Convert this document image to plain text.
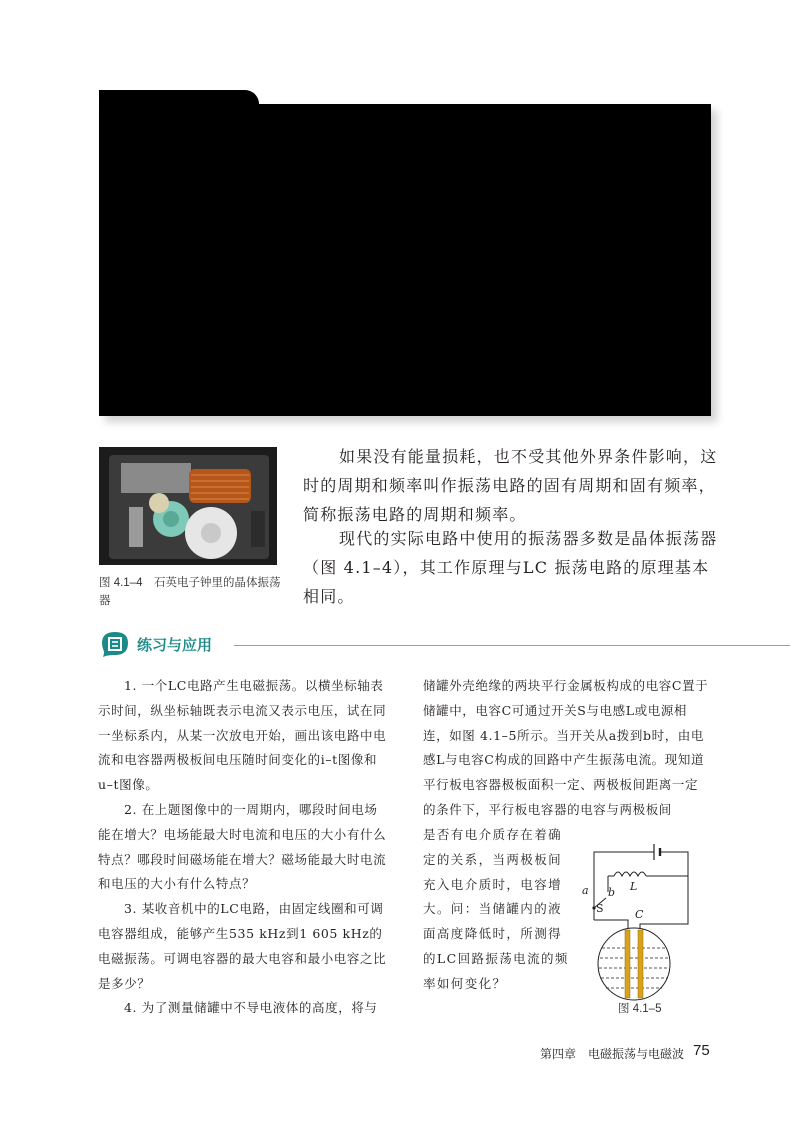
图 4.1–4　石英电子钟里的晶体振荡器
如果没有能量损耗，也不受其他外界条件影响，这时的周期和频率叫作振荡电路的固有周期和固有频率，简称振荡电路的周期和频率。
现代的实际电路中使用的振荡器多数是晶体振荡器（图 4.1–4），其工作原理与LC 振荡电路的原理基本相同。
练习与应用

1. 一个LC电路产生电磁振荡。以横坐标轴表示时间，纵坐标轴既表示电流又表示电压，试在同一坐标系内，从某一次放电开始，画出该电路中电流和电容器两极板间电压随时间变化的i–t图像和u–t图像。

2. 在上题图像中的一周期内，哪段时间电场能在增大？电场能最大时电流和电压的大小有什么特点？哪段时间磁场能在增大？磁场能最大时电流和电压的大小有什么特点？

3. 某收音机中的LC电路，由固定线圈和可调电容器组成，能够产生535 kHz到1 605 kHz的电磁振荡。可调电容器的最大电容和最小电容之比是多少？

4. 为了测量储罐中不导电液体的高度，将与

储罐外壳绝缘的两块平行金属板构成的电容C置于储罐中，电容C可通过开关S与电感L或电源相连，如图 4.1–5所示。当开关从a拨到b时，由电感L与电容C构成的回路中产生振荡电流。现知道平行板电容器极板面积一定、两极板间距离一定的条件下，平行板电容器的电容与两极板间
是否有电介质存在着确定的关系，当两极板间充入电介质时，电容增大。问：当储罐内的液面高度降低时，所测得的LC回路振荡电流的频率如何变化？
L
a b
S	C
图 4.1–5
第四章　电磁振荡与电磁波 75
